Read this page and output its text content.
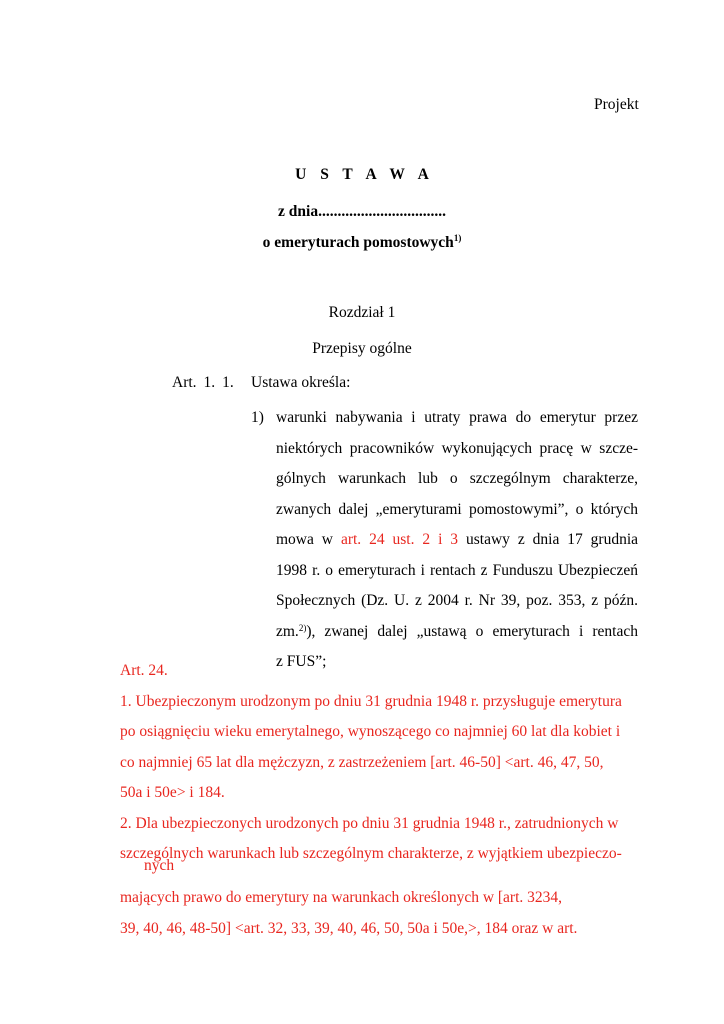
Projekt
U S T A W A
z dnia.................................
o emeryturach pomostowych$^{1)}$
Rozdział 1
Przepisy ogólne
Art. 1. 1.	Ustawa określa:
1) warunki nabywania i utraty prawa do emerytur przez
niektórych pracowników wykonujących pracę w szcze-
gólnych warunkach lub o szczególnym charakterze,
zwanych dalej „emeryturami pomostowymi”, o których
mowa w art. 24 ust. 2 i 3 ustawy z dnia 17 grudnia
1998 r. o emeryturach i rentach z Funduszu Ubezpieczeń
Społecznych (Dz. U. z 2004 r. Nr 39, poz. 353, z późn.
zm.$^{2)}$), zwanej dalej „ustawą o emeryturach i rentach
z FUS”;
Art. 24.
1. Ubezpieczonym urodzonym po dniu 31 grudnia 1948 r. przysługuje emerytura
po osiągnięciu wieku emerytalnego, wynoszącego co najmniej 60 lat dla kobiet i
co najmniej 65 lat dla mężczyzn, z zastrzeżeniem [art. 46-50] <art. 46, 47, 50,
50a i 50e> i 184.
2. Dla ubezpieczonych urodzonych po dniu 31 grudnia 1948 r., zatrudnionych w
szczególnych warunkach lub szczególnym charakterze, z wyjątkiem ubezpieczo-
nych
mających prawo do emerytury na warunkach określonych w [art. 3234,
39, 40, 46, 48-50] <art. 32, 33, 39, 40, 46, 50, 50a i 50e,>, 184 oraz w art.
